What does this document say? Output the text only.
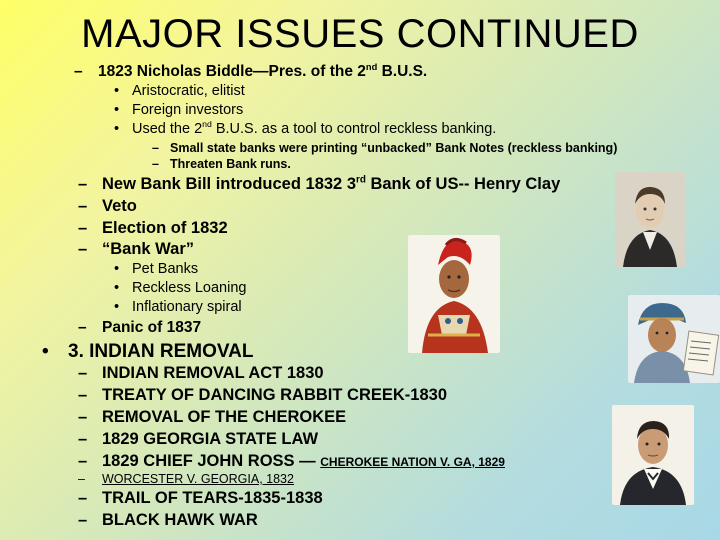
MAJOR ISSUES CONTINUED
– 1823 Nicholas Biddle—Pres. of the 2nd B.U.S.
• Aristocratic, elitist
• Foreign investors
• Used the 2nd B.U.S. as a tool to control reckless banking.
– Small state banks were printing “unbacked” Bank Notes (reckless banking)
– Threaten Bank runs.
– New Bank Bill introduced 1832 3rd Bank of US-- Henry Clay
– Veto
– Election of 1832
– “Bank War”
• Pet Banks
• Reckless Loaning
• Inflationary spiral
– Panic of 1837
• 3. INDIAN REMOVAL
– INDIAN REMOVAL ACT 1830
– TREATY OF DANCING RABBIT CREEK-1830
– REMOVAL OF THE CHEROKEE
– 1829 GEORGIA STATE LAW
– 1829 CHIEF JOHN ROSS — CHEROKEE NATION V. GA, 1829
– WORCESTER V. GEORGIA, 1832
– TRAIL OF TEARS-1835-1838
– BLACK HAWK WAR
